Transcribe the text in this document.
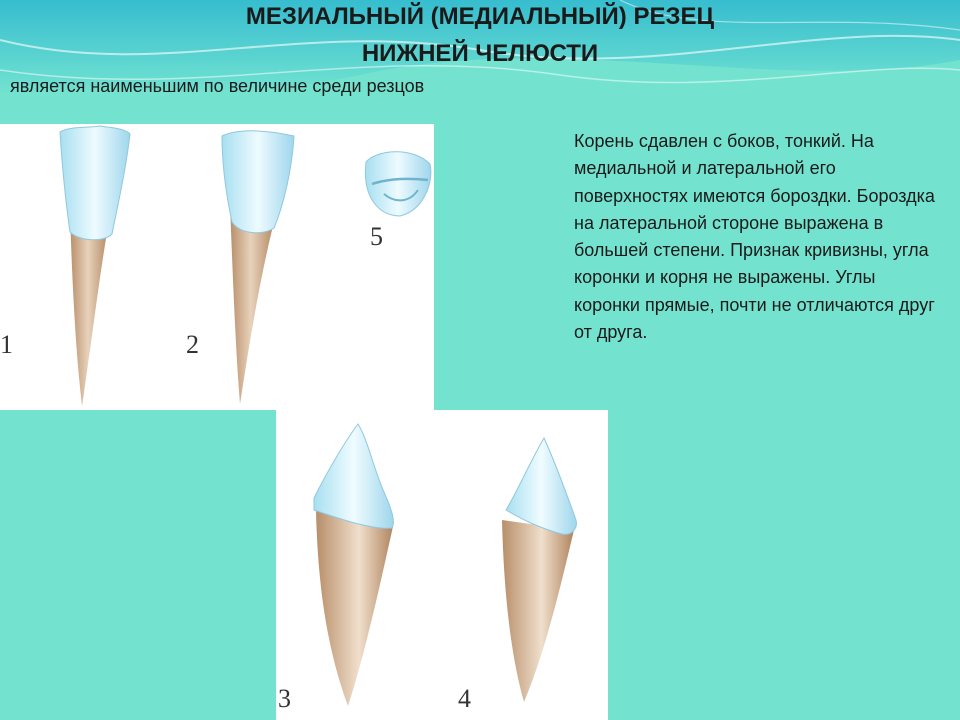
МЕЗИАЛЬНЫЙ (МЕДИАЛЬНЫЙ) РЕЗЕЦ
НИЖНЕЙ ЧЕЛЮСТИ
является наименьшим по величине среди резцов
1	2
5
3	4
Корень сдавлен с боков, тонкий. На медиальной и латеральной его поверхностях имеются бороздки. Бороздка на латеральной стороне выражена в большей степени. Признак кривизны, угла коронки и корня не выражены. Углы коронки прямые, почти не отличаются друг от друга.
